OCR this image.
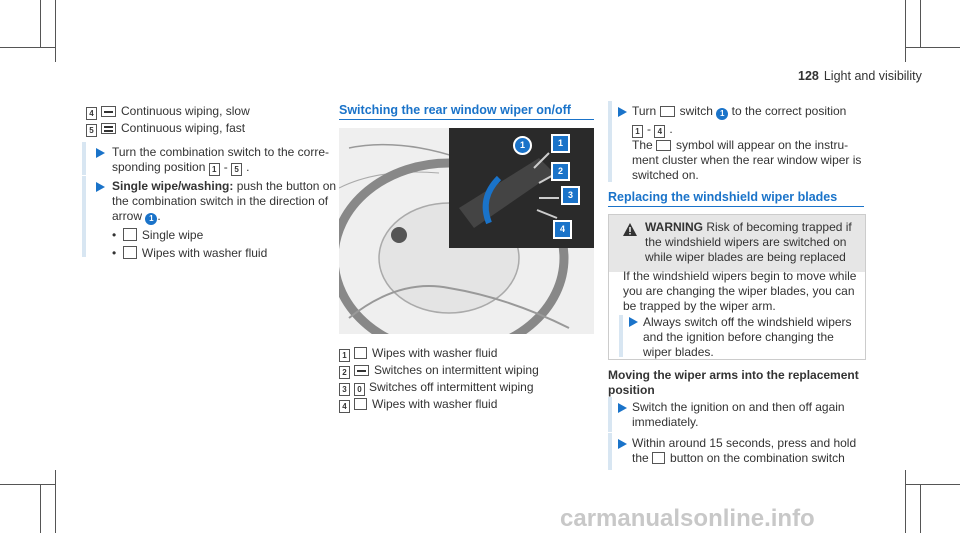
128 Light and visibility
4 Continuous wiping, slow
5 Continuous wiping, fast
Turn the combination switch to the corre-
sponding position 1 - 5 .
Single wipe/washing: push the button on
the combination switch in the direction of
arrow 1 .
•  Single wipe
•  Wipes with washer fluid
Switching the rear window wiper on/off
1	1
2
3
4
1 Wipes with washer fluid
2 Switches on intermittent wiping
3 0 Switches off intermittent wiping
4 Wipes with washer fluid
Turn switch 1 to the correct position
1 - 4 .
The symbol will appear on the instru-
ment cluster when the rear window wiper is
switched on.
Replacing the windshield wiper blades
WARNING Risk of becoming trapped if
the windshield wipers are switched on
while wiper blades are being replaced
If the windshield wipers begin to move while
you are changing the wiper blades, you can
be trapped by the wiper arm.
Always switch off the windshield wipers
and the ignition before changing the
wiper blades.
Moving the wiper arms into the replacement
position
Switch the ignition on and then off again
immediately.
Within around 15 seconds, press and hold
the button on the combination switch
carmanualsonline.info
